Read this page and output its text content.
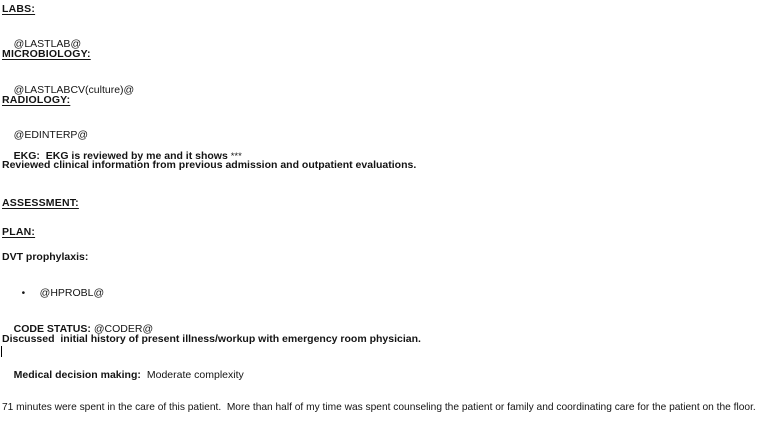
LABS:

@LASTLAB@

MICROBIOLOGY:

@LASTLABCV(culture)@

RADIOLOGY:

@EDINTERP@

EKG:  EKG is reviewed by me and it shows ***

Reviewed clinical information from previous admission and outpatient evaluations.
ASSESSMENT:
PLAN:
DVT prophylaxis:

• @HPROBL@

CODE STATUS: @CODER@

Discussed  initial history of present illness/workup with emergency room physician.

Medical decision making: Moderate complexity

71 minutes were spent in the care of this patient.  More than half of my time was spent counseling the patient or family and coordinating care for the patient on the floor.
